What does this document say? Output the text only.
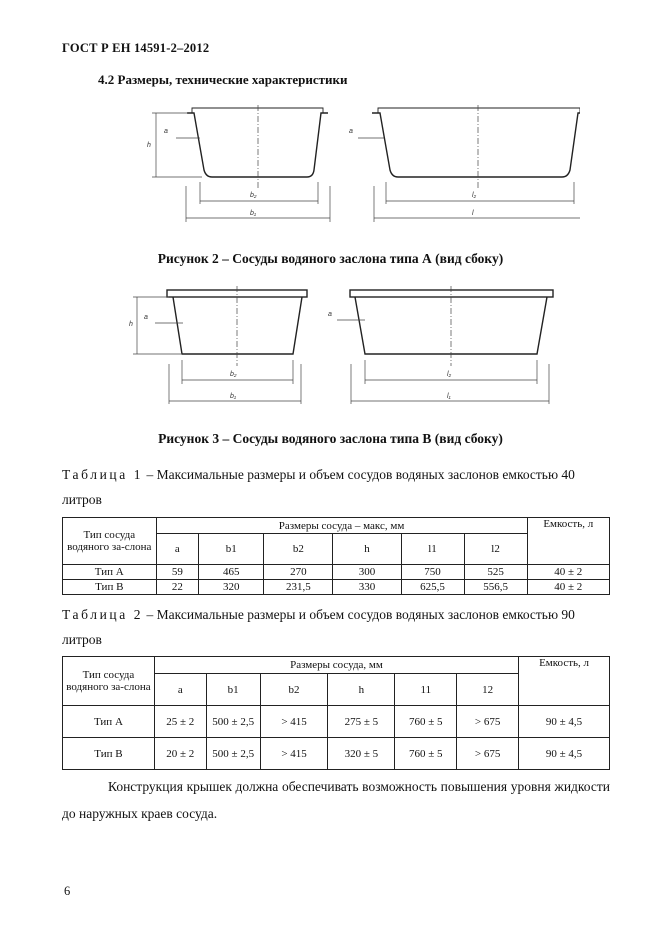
ГОСТ Р ЕН 14591-2–2012
4.2 Размеры, технические характеристики
h
a
b₂
b₁
a
l₂
l
Рисунок 2 – Сосуды водяного заслона типа А (вид сбоку)
h
a
b₂
b₁
a
l₂
l₁
Рисунок 3 – Сосуды водяного заслона типа В (вид сбоку)
Таблица 1 – Максимальные размеры и объем сосудов водяных заслонов емкостью 40 литров
Тип сосуда водяного за-слона	Размеры сосуда – макс, мм						Емкость, л
	a	b1	b2	h	l1	l2	
Тип А	59	465	270	300	750	525	40 ± 2
Тип В	22	320	231,5	330	625,5	556,5	40 ± 2
Таблица 2 – Максимальные размеры и объем сосудов водяных заслонов емкостью 90 литров
Тип сосуда водяного за-слона	Размеры сосуда, мм						Емкость, л
	a	b1	b2	h	11	12	
Тип А	25 ± 2	500 ± 2,5	> 415	275 ± 5	760 ± 5	> 675	90 ± 4,5
Тип В	20 ± 2	500 ± 2,5	> 415	320 ± 5	760 ± 5	> 675	90 ± 4,5
Конструкция крышек должна обеспечивать возможность повышения уровня жидкости до наружных краев сосуда.
6
